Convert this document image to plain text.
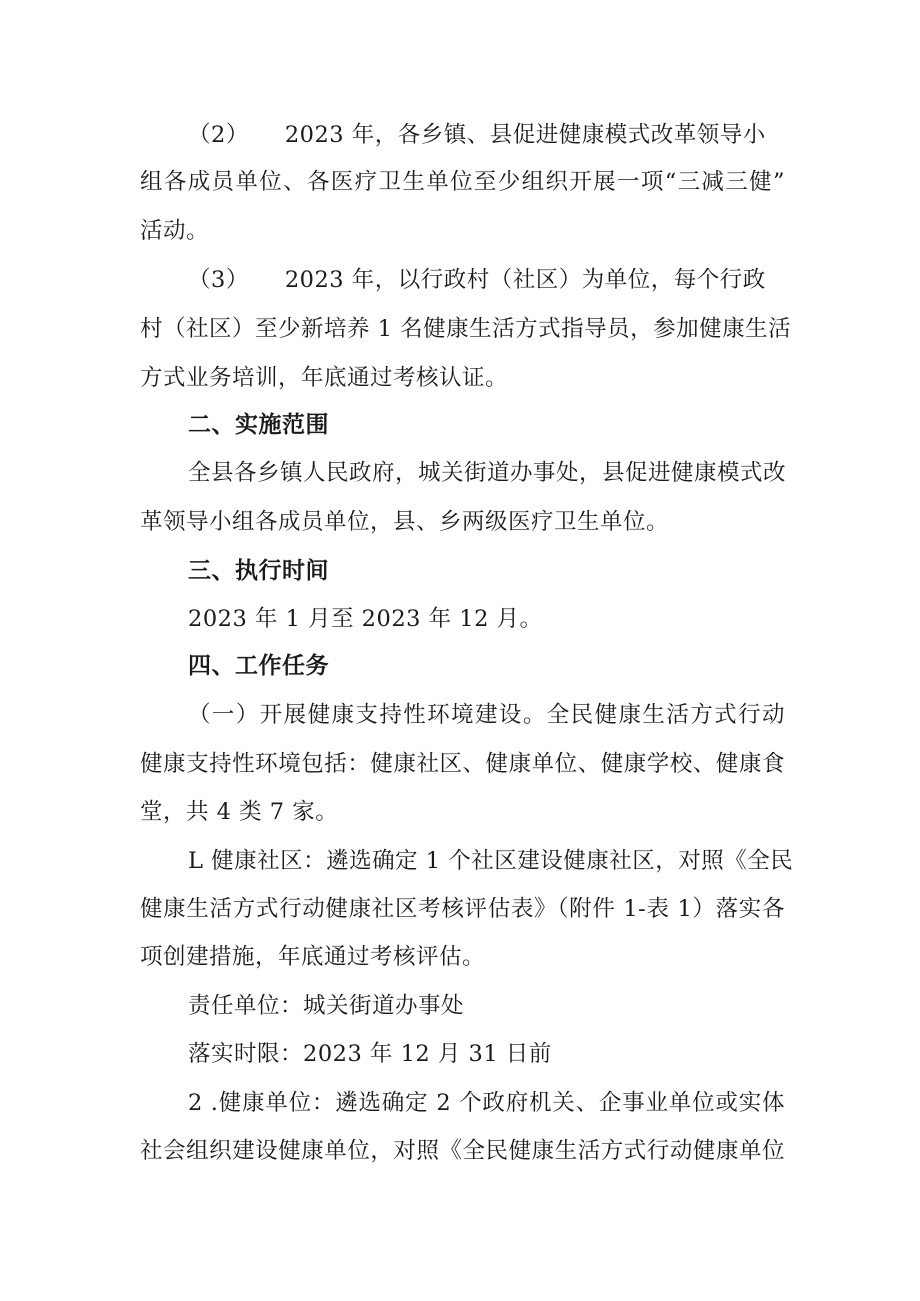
（2） 2023 年，各乡镇、县促进健康模式改革领导小
组各成员单位、各医疗卫生单位至少组织开展一项“三减三健”
活动。
（3） 2023 年，以行政村（社区）为单位，每个行政
村（社区）至少新培养 1 名健康生活方式指导员，参加健康生活
方式业务培训，年底通过考核认证。
二、实施范围
全县各乡镇人民政府，城关街道办事处，县促进健康模式改
革领导小组各成员单位，县、乡两级医疗卫生单位。
三、执行时间
2023 年 1 月至 2023 年 12 月。
四、工作任务
（一）开展健康支持性环境建设。全民健康生活方式行动
健康支持性环境包括：健康社区、健康单位、健康学校、健康食
堂，共 4 类 7 家。
L 健康社区：遴选确定 1 个社区建设健康社区，对照《全民
健康生活方式行动健康社区考核评估表》（附件 1-表 1）落实各
项创建措施，年底通过考核评估。
责任单位：城关街道办事处
落实时限：2023 年 12 月 31 日前
2 .健康单位：遴选确定 2 个政府机关、企事业单位或实体
社会组织建设健康单位，对照《全民健康生活方式行动健康单位
